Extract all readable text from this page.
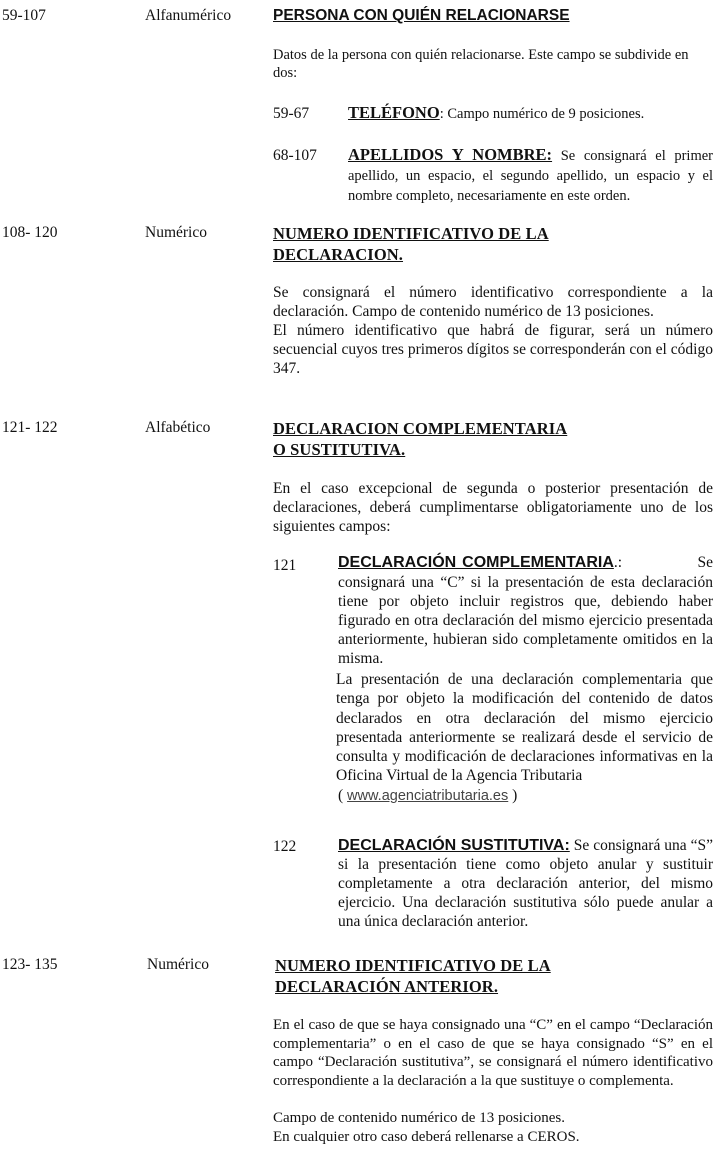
59-107	Alfanumérico	PERSONA CON QUIÉN RELACIONARSE
Datos de la persona con quién relacionarse. Este campo se subdivide en dos:
59-67 TELÉFONO: Campo numérico de 9 posiciones.
68-107 APELLIDOS Y NOMBRE: Se consignará el primer apellido, un espacio, el segundo apellido, un espacio y el nombre completo, necesariamente en este orden.
108- 120	Numérico	NUMERO IDENTIFICATIVO DE LA
DECLARACION.
Se consignará el número identificativo correspondiente a la declaración. Campo de contenido numérico de 13 posiciones.
El número identificativo que habrá de figurar, será un número secuencial cuyos tres primeros dígitos se corresponderán con el código 347.
121- 122	Alfabético	DECLARACION COMPLEMENTARIA
O SUSTITUTIVA.
En el caso excepcional de segunda o posterior presentación de declaraciones, deberá cumplimentarse obligatoriamente uno de los siguientes campos:
121	DECLARACIÓN COMPLEMENTARIA.:	Se
consignará una “C” si la presentación de esta declaración tiene por objeto incluir registros que, debiendo haber figurado en otra declaración del mismo ejercicio presentada anteriormente, hubieran sido completamente omitidos en la misma.
La presentación de una declaración complementaria que tenga por objeto la modificación del contenido de datos declarados en otra declaración del mismo ejercicio presentada anteriormente se realizará desde el servicio de consulta y modificación de declaraciones informativas en la Oficina Virtual de la Agencia Tributaria
( www.agenciatributaria.es )
122	DECLARACIÓN SUSTITUTIVA: Se consignará una “S” si la presentación tiene como objeto anular y sustituir completamente a otra declaración anterior, del mismo ejercicio. Una declaración sustitutiva sólo puede anular a una única declaración anterior.
123- 135	Numérico	NUMERO IDENTIFICATIVO DE LA
DECLARACIÓN ANTERIOR.
En el caso de que se haya consignado una “C” en el campo “Declaración complementaria” o en el caso de que se haya consignado “S” en el campo “Declaración sustitutiva”, se consignará el número identificativo correspondiente a la declaración a la que sustituye o complementa.
Campo de contenido numérico de 13 posiciones.
En cualquier otro caso deberá rellenarse a CEROS.
